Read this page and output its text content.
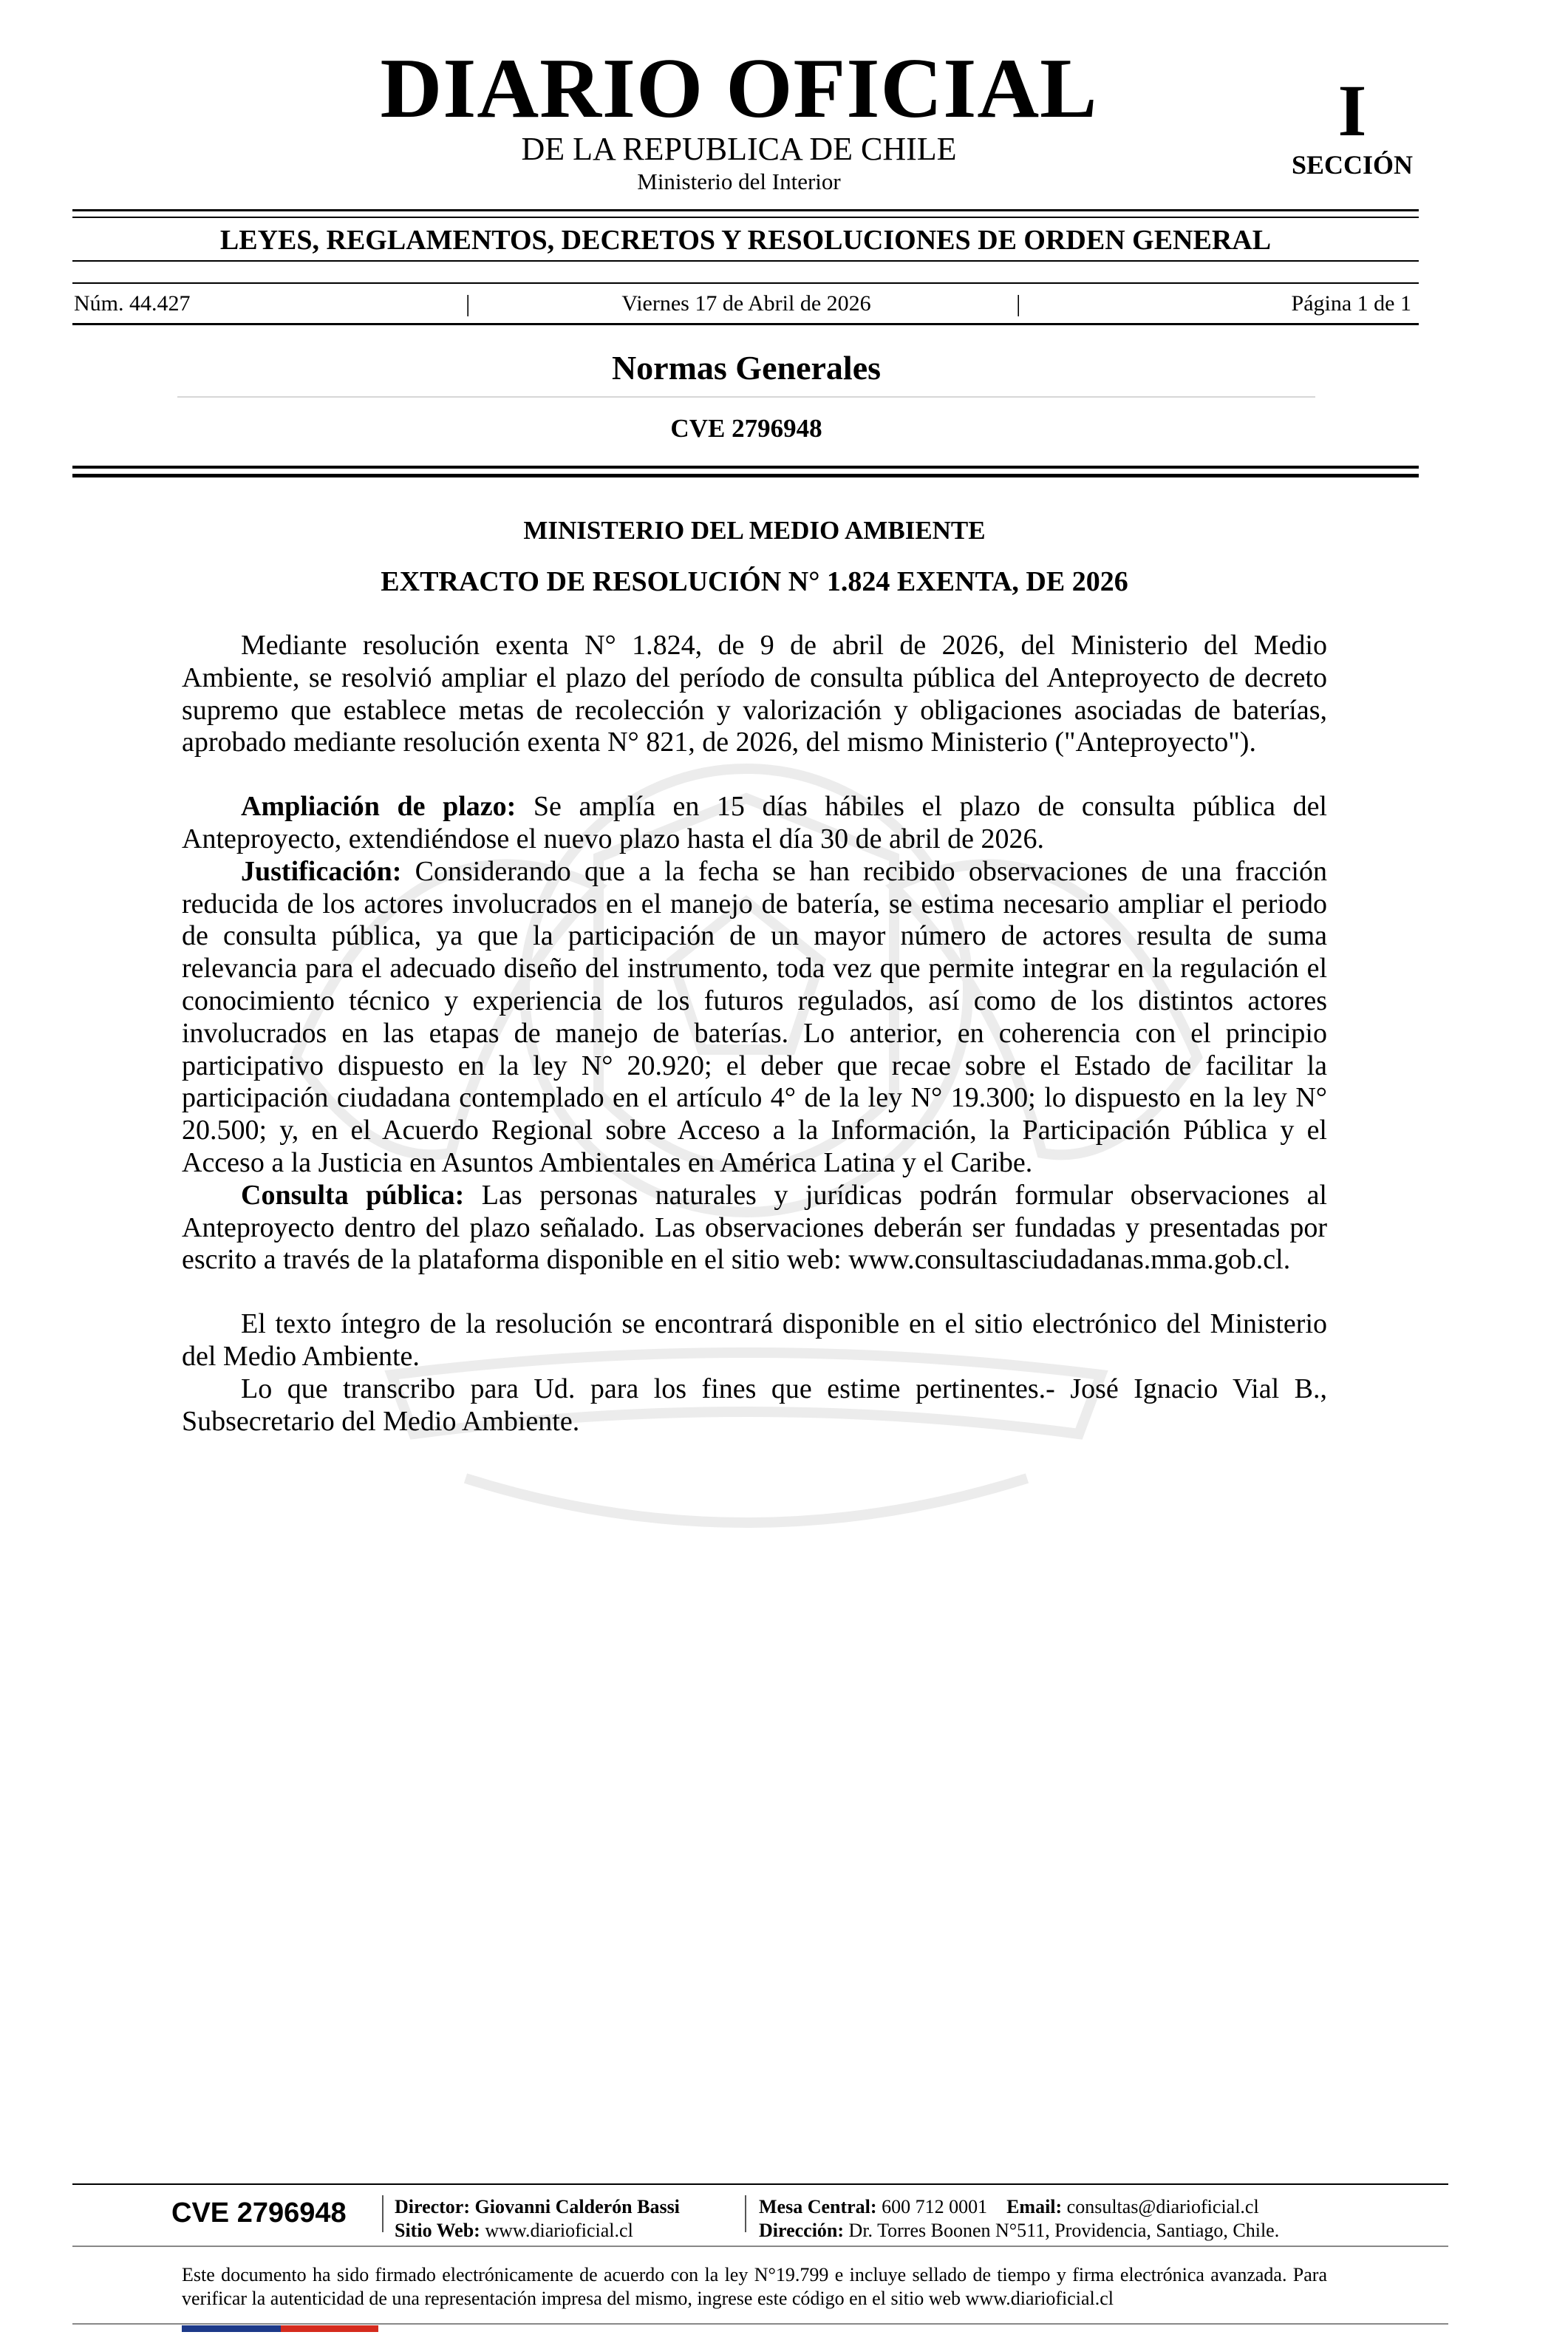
DIARIO OFICIAL
DE LA REPUBLICA DE CHILE
Ministerio del Interior
I
SECCIÓN
LEYES, REGLAMENTOS, DECRETOS Y RESOLUCIONES DE ORDEN GENERAL
Núm. 44.427	|	Viernes 17 de Abril de 2026	|	Página 1 de 1
Normas Generales
CVE 2796948
MINISTERIO DEL MEDIO AMBIENTE
EXTRACTO DE RESOLUCIÓN N° 1.824 EXENTA, DE 2026

Mediante resolución exenta N° 1.824, de 9 de abril de 2026, del Ministerio del Medio Ambiente, se resolvió ampliar el plazo del período de consulta pública del Anteproyecto de decreto supremo que establece metas de recolección y valorización y obligaciones asociadas de baterías, aprobado mediante resolución exenta N° 821, de 2026, del mismo Ministerio ("Anteproyecto").

Ampliación de plazo: Se amplía en 15 días hábiles el plazo de consulta pública del Anteproyecto, extendiéndose el nuevo plazo hasta el día 30 de abril de 2026.

Justificación: Considerando que a la fecha se han recibido observaciones de una fracción reducida de los actores involucrados en el manejo de batería, se estima necesario ampliar el periodo de consulta pública, ya que la participación de un mayor número de actores resulta de suma relevancia para el adecuado diseño del instrumento, toda vez que permite integrar en la regulación el conocimiento técnico y experiencia de los futuros regulados, así como de los distintos actores involucrados en las etapas de manejo de baterías. Lo anterior, en coherencia con el principio participativo dispuesto en la ley N° 20.920; el deber que recae sobre el Estado de facilitar la participación ciudadana contemplado en el artículo 4° de la ley N° 19.300; lo dispuesto en la ley N° 20.500; y, en el Acuerdo Regional sobre Acceso a la Información, la Participación Pública y el Acceso a la Justicia en Asuntos Ambientales en América Latina y el Caribe.

Consulta pública: Las personas naturales y jurídicas podrán formular observaciones al Anteproyecto dentro del plazo señalado. Las observaciones deberán ser fundadas y presentadas por escrito a través de la plataforma disponible en el sitio web: www.consultasciudadanas.mma.gob.cl.

El texto íntegro de la resolución se encontrará disponible en el sitio electrónico del Ministerio del Medio Ambiente.

Lo que transcribo para Ud. para los fines que estime pertinentes.- José Ignacio Vial B., Subsecretario del Medio Ambiente.

CVE 2796948	Director: Giovanni Calderón Bassi
Sitio Web: www.diarioficial.cl
Mesa Central: 600 712 0001 Email: consultas@diarioficial.cl
Dirección: Dr. Torres Boonen N°511, Providencia, Santiago, Chile.
Este documento ha sido firmado electrónicamente de acuerdo con la ley N°19.799 e incluye sellado de tiempo y firma electrónica avanzada. Para verificar la autenticidad de una representación impresa del mismo, ingrese este código en el sitio web www.diarioficial.cl
